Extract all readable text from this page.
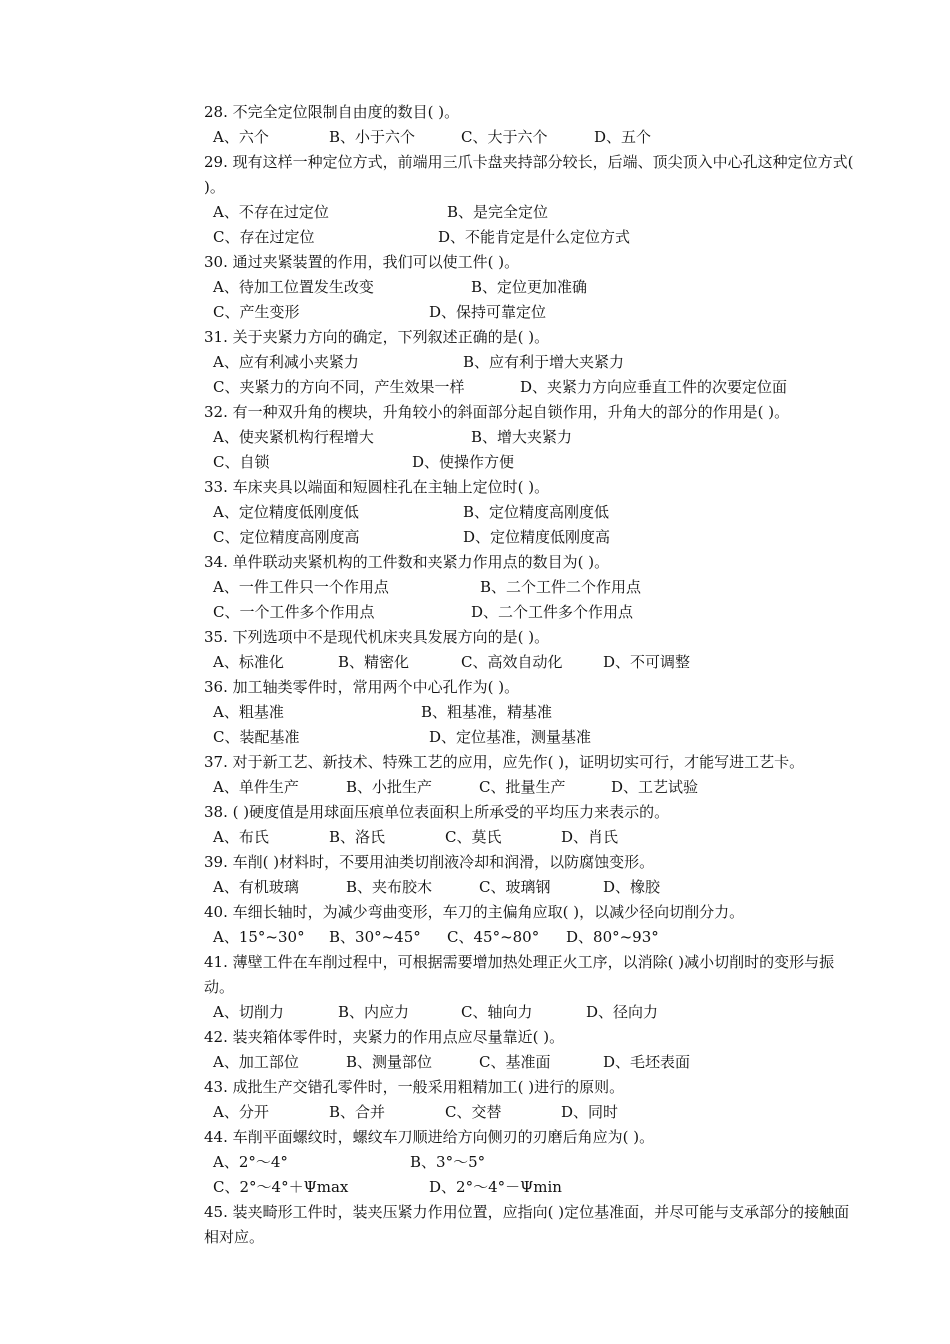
28. 不完全定位限制自由度的数目( )。
A、六个	B、小于六个	C、大于六个	D、五个
29. 现有这样一种定位方式，前端用三爪卡盘夹持部分较长，后端、顶尖顶入中心孔这种定位方式( )。
A、不存在过定位	B、是完全定位
C、存在过定位	D、不能肯定是什么定位方式
30. 通过夹紧装置的作用，我们可以使工件( )。
A、待加工位置发生改变	B、定位更加准确
C、产生变形	D、保持可靠定位
31. 关于夹紧力方向的确定，下列叙述正确的是( )。
A、应有利减小夹紧力	B、应有利于增大夹紧力
C、夹紧力的方向不同，产生效果一样	D、夹紧力方向应垂直工件的次要定位面
32. 有一种双升角的楔块，升角较小的斜面部分起自锁作用，升角大的部分的作用是( )。
A、使夹紧机构行程增大	B、增大夹紧力
C、自锁	D、使操作方便
33. 车床夹具以端面和短圆柱孔在主轴上定位时( )。
A、定位精度低刚度低	B、定位精度高刚度低
C、定位精度高刚度高	D、定位精度低刚度高
34. 单件联动夹紧机构的工件数和夹紧力作用点的数目为( )。
A、一件工件只一个作用点	B、二个工件二个作用点
C、一个工件多个作用点	D、二个工件多个作用点
35. 下列选项中不是现代机床夹具发展方向的是( )。
A、标准化	B、精密化	C、高效自动化	D、不可调整
36. 加工轴类零件时，常用两个中心孔作为( )。
A、粗基准	B、粗基准，精基准
C、装配基准	D、定位基准，测量基准
37. 对于新工艺、新技术、特殊工艺的应用，应先作( )，证明切实可行，才能写进工艺卡。
A、单件生产	B、小批生产	C、批量生产	D、工艺试验
38. ( )硬度值是用球面压痕单位表面积上所承受的平均压力来表示的。
A、布氏	B、洛氏	C、莫氏	D、肖氏
39. 车削( )材料时，不要用油类切削液冷却和润滑，以防腐蚀变形。
A、有机玻璃	B、夹布胶木	C、玻璃钢	D、橡胶
40. 车细长轴时，为减少弯曲变形，车刀的主偏角应取( )，以减少径向切削分力。
A、15°~30° B、30°~45° C、45°~80° D、80°~93°
41. 薄壁工件在车削过程中，可根据需要增加热处理正火工序，以消除( )减小切削时的变形与振动。
A、切削力	B、内应力	C、轴向力	D、径向力
42. 装夹箱体零件时，夹紧力的作用点应尽量靠近( )。
A、加工部位	B、测量部位	C、基准面	D、毛坯表面
43. 成批生产交错孔零件时，一般采用粗精加工( )进行的原则。
A、分开	B、合并	C、交替	D、同时
44. 车削平面螺纹时，螺纹车刀顺进给方向侧刃的刃磨后角应为( )。
A、2°～4°	B、3°～5°
C、2°～4°＋Ψmax	D、2°～4°－Ψmin
45. 装夹畸形工件时，装夹压紧力作用位置，应指向( )定位基准面，并尽可能与支承部分的接触面相对应。
